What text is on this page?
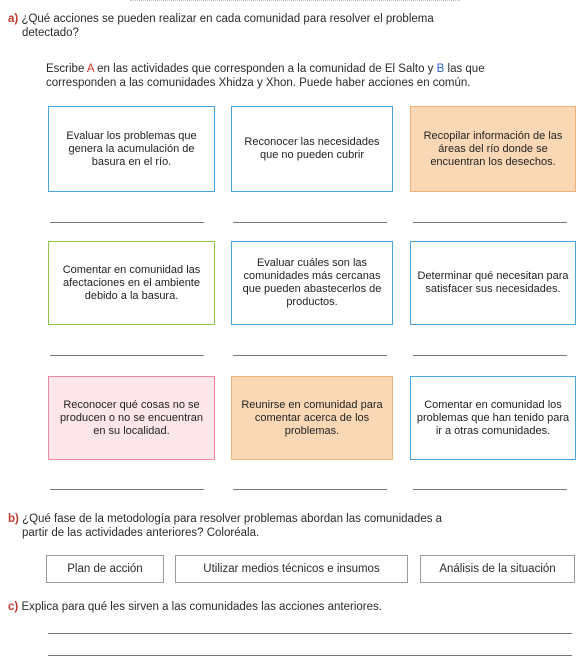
a) ¿Qué acciones se pueden realizar en cada comunidad para resolver el problema
detectado?
Escribe A en las actividades que corresponden a la comunidad de El Salto y B las que
corresponden a las comunidades Xhidza y Xhon. Puede haber acciones en común.
Evaluar los problemas que genera la acumulación de basura en el río.
Reconocer las necesidades que no pueden cubrir
Recopilar información de las áreas del río donde se encuentran los desechos.
Comentar en comunidad las afectaciones en el ambiente debido a la basura.
Evaluar cuáles son las comunidades más cercanas que pueden abastecerlos de productos.
Determinar qué necesitan para satisfacer sus necesidades.
Reconocer qué cosas no se producen o no se encuentran en su localidad.
Reunirse en comunidad para comentar acerca de los problemas.
Comentar en comunidad los problemas que han tenido para ir a otras comunidades.
b) ¿Qué fase de la metodología para resolver problemas abordan las comunidades a
partir de las actividades anteriores? Coloréala.
Plan de acción	Utilizar medios técnicos e insumos	Análisis de la situación
c) Explica para qué les sirven a las comunidades las acciones anteriores.
